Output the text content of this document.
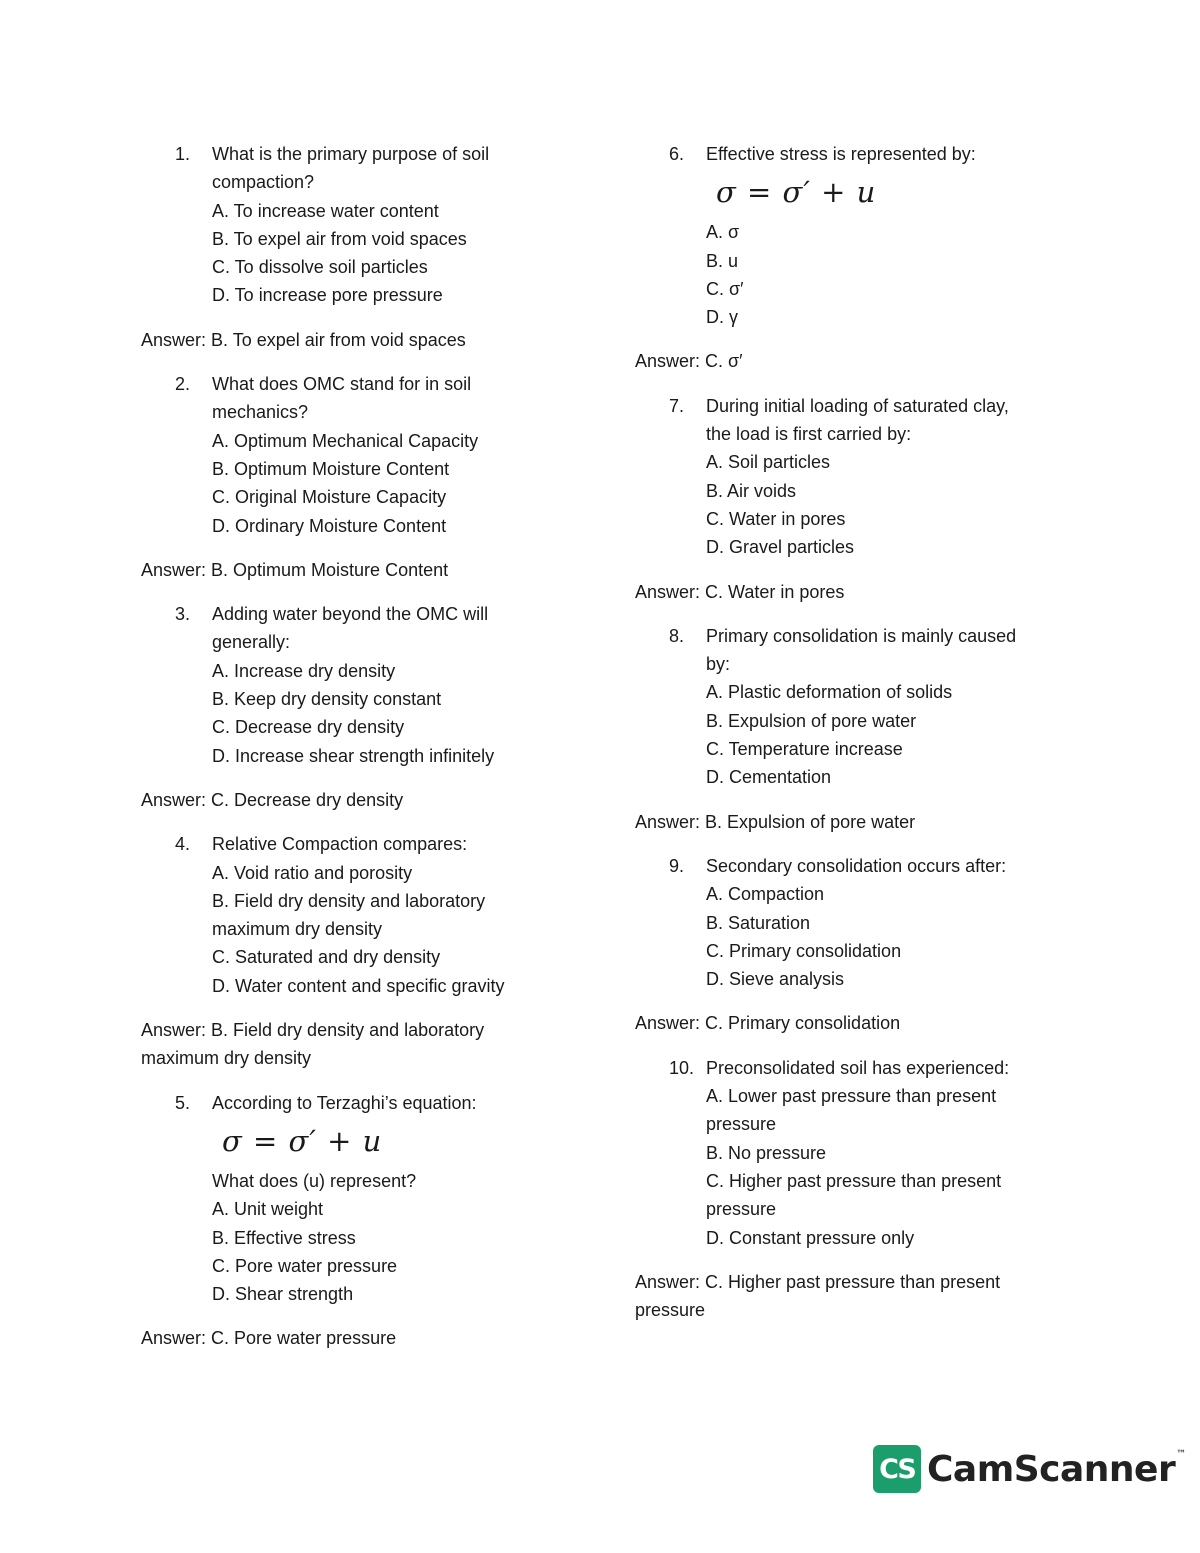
1. What is the primary purpose of soil
compaction?
A. To increase water content
B. To expel air from void spaces
C. To dissolve soil particles
D. To increase pore pressure
Answer: B. To expel air from void spaces
2. What does OMC stand for in soil
mechanics?
A. Optimum Mechanical Capacity
B. Optimum Moisture Content
C. Original Moisture Capacity
D. Ordinary Moisture Content
Answer: B. Optimum Moisture Content
3. Adding water beyond the OMC will
generally:
A. Increase dry density
B. Keep dry density constant
C. Decrease dry density
D. Increase shear strength infinitely
Answer: C. Decrease dry density
4. Relative Compaction compares:
A. Void ratio and porosity
B. Field dry density and laboratory
maximum dry density
C. Saturated and dry density
D. Water content and specific gravity
Answer: B. Field dry density and laboratory
maximum dry density
5. According to Terzaghi’s equation:
σ = σ′ + u
What does (u) represent?
A. Unit weight
B. Effective stress
C. Pore water pressure
D. Shear strength
Answer: C. Pore water pressure
6. Effective stress is represented by:
σ = σ′ + u
A. σ
B. u
C. σ′
D. γ
Answer: C. σ′
7. During initial loading of saturated clay,
the load is first carried by:
A. Soil particles
B. Air voids
C. Water in pores
D. Gravel particles
Answer: C. Water in pores
8. Primary consolidation is mainly caused
by:
A. Plastic deformation of solids
B. Expulsion of pore water
C. Temperature increase
D. Cementation
Answer: B. Expulsion of pore water
9. Secondary consolidation occurs after:
A. Compaction
B. Saturation
C. Primary consolidation
D. Sieve analysis
Answer: C. Primary consolidation
10. Preconsolidated soil has experienced:
A. Lower past pressure than present
pressure
B. No pressure
C. Higher past pressure than present
pressure
D. Constant pressure only
Answer: C. Higher past pressure than present
pressure
CS CamScanner™
